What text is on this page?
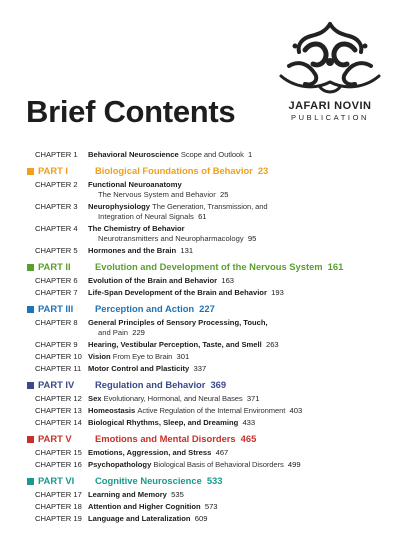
JAFARI NOVIN
PUBLICATION
Brief Contents
CHAPTER 1	Behavioral Neuroscience Scope and Outlook 1
PART I	Biological Foundations of Behavior 23
CHAPTER 2	Functional Neuroanatomy
The Nervous System and Behavior 25
CHAPTER 3	Neurophysiology The Generation, Transmission, and
Integration of Neural Signals 61
CHAPTER 4	The Chemistry of Behavior
Neurotransmitters and Neuropharmacology 95
CHAPTER 5	Hormones and the Brain 131
PART II	Evolution and Development of the Nervous System 161
CHAPTER 6	Evolution of the Brain and Behavior 163
CHAPTER 7	Life-Span Development of the Brain and Behavior 193
PART III Perception and Action 227
CHAPTER 8	General Principles of Sensory Processing, Touch,
and Pain 229
CHAPTER 9	Hearing, Vestibular Perception, Taste, and Smell 263
CHAPTER 10 Vision From Eye to Brain 301
CHAPTER 11 Motor Control and Plasticity 337
PART IV Regulation and Behavior 369
CHAPTER 12 Sex Evolutionary, Hormonal, and Neural Bases 371
CHAPTER 13 Homeostasis Active Regulation of the Internal Environment 403
CHAPTER 14 Biological Rhythms, Sleep, and Dreaming 433
PART V Emotions and Mental Disorders 465
CHAPTER 15 Emotions, Aggression, and Stress 467
CHAPTER 16 Psychopathology Biological Basis of Behavioral Disorders 499
PART VI Cognitive Neuroscience 533
CHAPTER 17 Learning and Memory 535
CHAPTER 18 Attention and Higher Cognition 573
CHAPTER 19 Language and Lateralization 609
